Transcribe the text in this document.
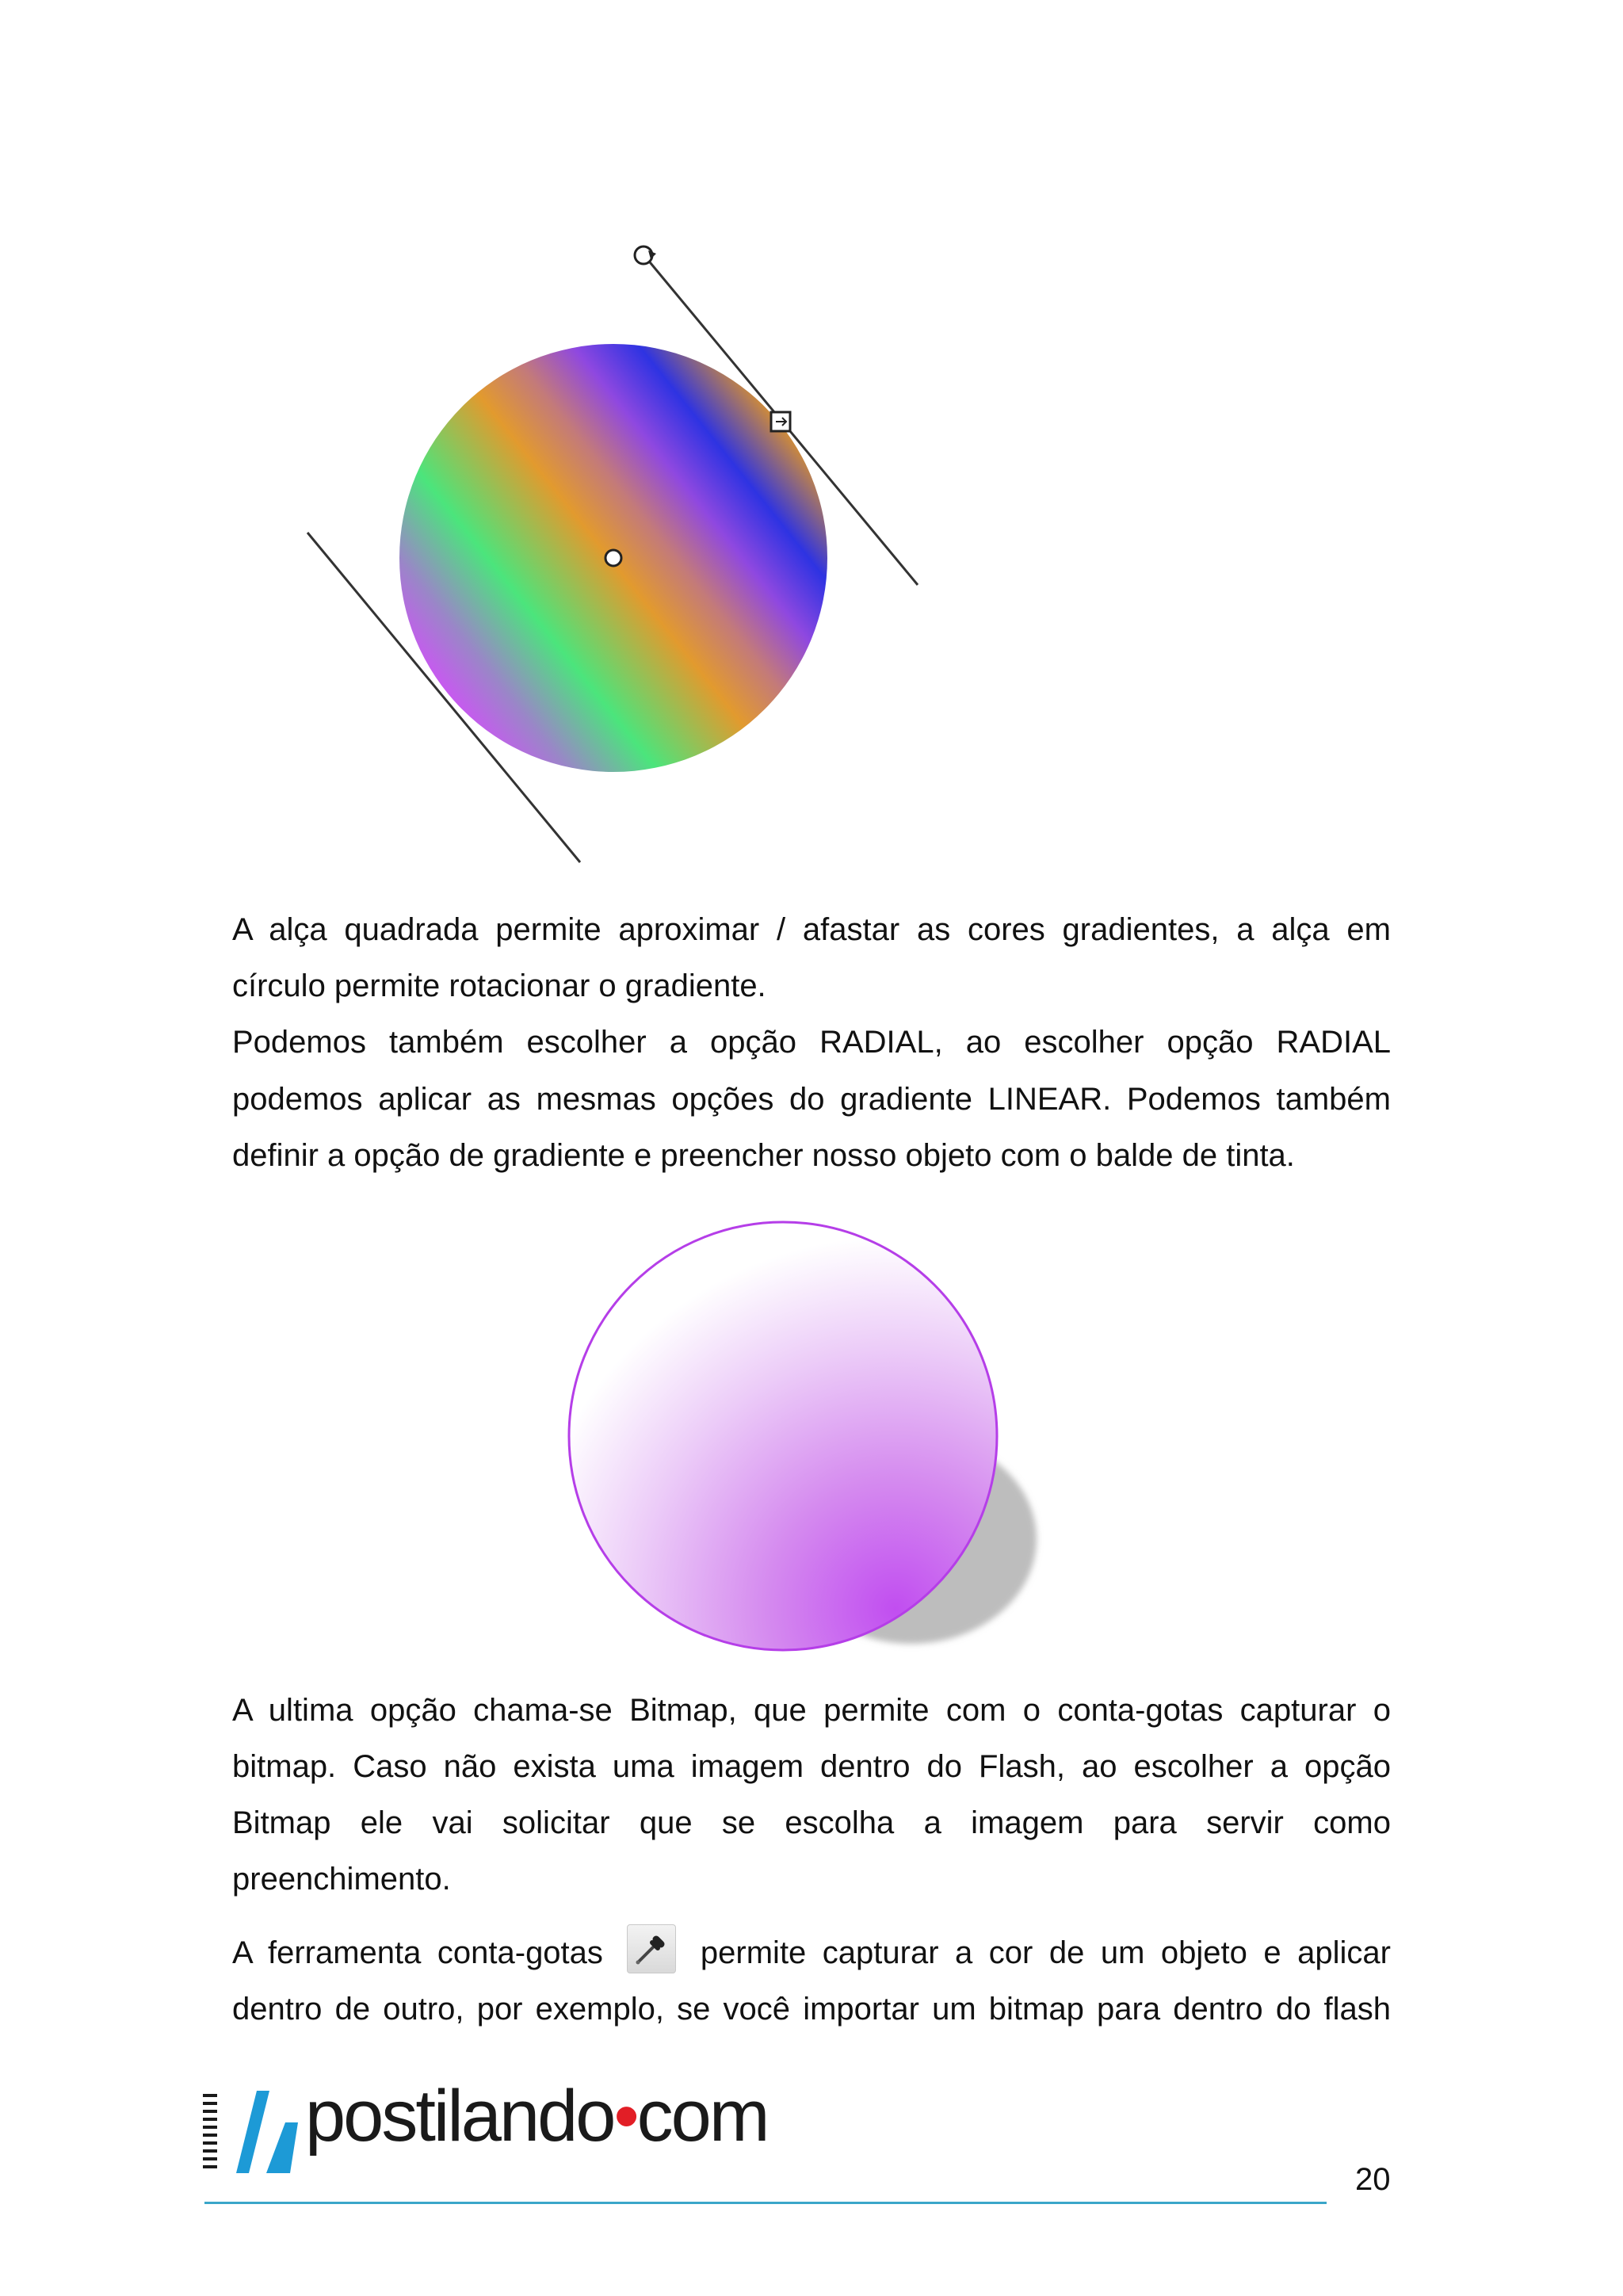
A alça quadrada permite aproximar / afastar as cores gradientes, a alça em

círculo permite rotacionar o gradiente.

Podemos também escolher a opção RADIAL, ao escolher opção RADIAL

podemos aplicar as mesmas opções do gradiente LINEAR. Podemos também

definir a opção de gradiente e preencher nosso objeto com o balde de tinta.

A ultima opção chama-se Bitmap, que permite com o conta-gotas capturar o

bitmap. Caso não exista uma imagem dentro do Flash, ao escolher a opção

Bitmap ele vai solicitar que se escolha a imagem para servir como

preenchimento.

A ferramenta conta-gotas	permite capturar a cor de um objeto e aplicar

dentro de outro, por exemplo, se você importar um bitmap para dentro do flash

postilando•com
20
